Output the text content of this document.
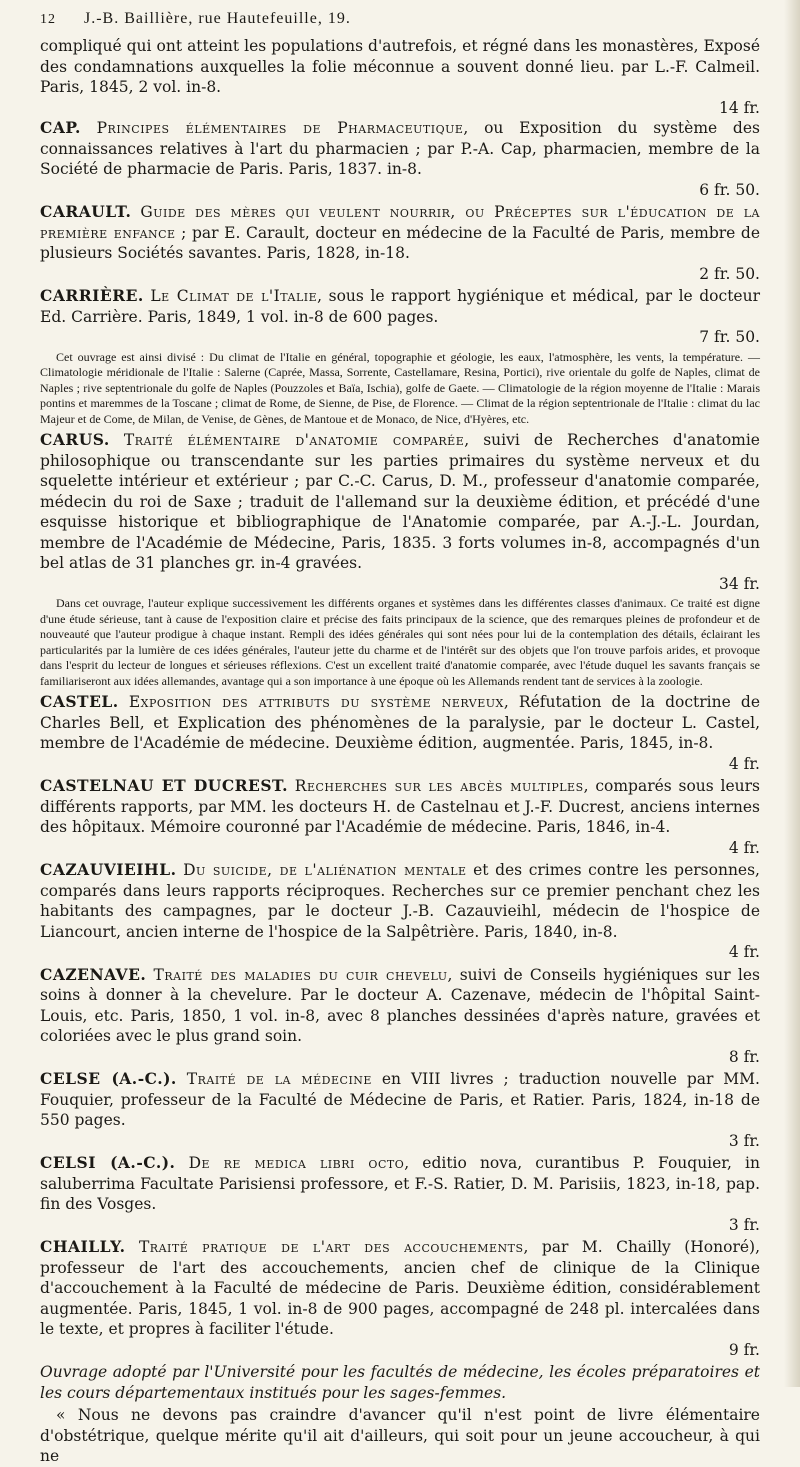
12	J.-B. Baillière, rue Hautefeuille, 19.

compliqué qui ont atteint les populations d'autrefois, et régné dans les monastères, Exposé des condamnations auxquelles la folie méconnue a souvent donné lieu. par L.-F. Calmeil. Paris, 1845, 2 vol. in-8.
14 fr.

CAP. Principes élémentaires de Pharmaceutique, ou Exposition du système des connaissances relatives à l'art du pharmacien ; par P.-A. Cap, pharmacien, membre de la Société de pharmacie de Paris. Paris, 1837. in-8.
6 fr. 50.

CARAULT. Guide des mères qui veulent nourrir, ou Préceptes sur l'éducation de la première enfance ; par E. Carault, docteur en médecine de la Faculté de Paris, membre de plusieurs Sociétés savantes. Paris, 1828, in-18.
2 fr. 50.

CARRIÈRE. Le Climat de l'Italie, sous le rapport hygiénique et médical, par le docteur Ed. Carrière. Paris, 1849, 1 vol. in-8 de 600 pages.
7 fr. 50.

Cet ouvrage est ainsi divisé : Du climat de l'Italie en général, topographie et géologie, les eaux, l'atmosphère, les vents, la température. — Climatologie méridionale de l'Italie : Salerne (Caprée, Massa, Sorrente, Castellamare, Resina, Portici), rive orientale du golfe de Naples, climat de Naples ; rive septentrionale du golfe de Naples (Pouzzoles et Baïa, Ischia), golfe de Gaete. — Climatologie de la région moyenne de l'Italie : Marais pontins et maremmes de la Toscane ; climat de Rome, de Sienne, de Pise, de Florence. — Climat de la région septentrionale de l'Italie : climat du lac Majeur et de Come, de Milan, de Venise, de Gènes, de Mantoue et de Monaco, de Nice, d'Hyères, etc.

CARUS. Traité élémentaire d'anatomie comparée, suivi de Recherches d'anatomie philosophique ou transcendante sur les parties primaires du système nerveux et du squelette intérieur et extérieur ; par C.-C. Carus, D. M., professeur d'anatomie comparée, médecin du roi de Saxe ; traduit de l'allemand sur la deuxième édition, et précédé d'une esquisse historique et bibliographique de l'Anatomie comparée, par A.-J.-L. Jourdan, membre de l'Académie de Médecine, Paris, 1835. 3 forts volumes in-8, accompagnés d'un bel atlas de 31 planches gr. in-4 gravées.
34 fr.

Dans cet ouvrage, l'auteur explique successivement les différents organes et systèmes dans les différentes classes d'animaux. Ce traité est digne d'une étude sérieuse, tant à cause de l'exposition claire et précise des faits principaux de la science, que des remarques pleines de profondeur et de nouveauté que l'auteur prodigue à chaque instant. Rempli des idées générales qui sont nées pour lui de la contemplation des détails, éclairant les particularités par la lumière de ces idées générales, l'auteur jette du charme et de l'intérêt sur des objets que l'on trouve parfois arides, et provoque dans l'esprit du lecteur de longues et sérieuses réflexions. C'est un excellent traité d'anatomie comparée, avec l'étude duquel les savants français se familiariseront aux idées allemandes, avantage qui a son importance à une époque où les Allemands rendent tant de services à la zoologie.

CASTEL. Exposition des attributs du système nerveux, Réfutation de la doctrine de Charles Bell, et Explication des phénomènes de la paralysie, par le docteur L. Castel, membre de l'Académie de médecine. Deuxième édition, augmentée. Paris, 1845, in-8.
4 fr.

CASTELNAU ET DUCREST. Recherches sur les abcès multiples, comparés sous leurs différents rapports, par MM. les docteurs H. de Castelnau et J.-F. Ducrest, anciens internes des hôpitaux. Mémoire couronné par l'Académie de médecine. Paris, 1846, in-4.
4 fr.

CAZAUVIEIHL. Du suicide, de l'aliénation mentale et des crimes contre les personnes, comparés dans leurs rapports réciproques. Recherches sur ce premier penchant chez les habitants des campagnes, par le docteur J.-B. Cazauvieihl, médecin de l'hospice de Liancourt, ancien interne de l'hospice de la Salpêtrière. Paris, 1840, in-8.
4 fr.

CAZENAVE. Traité des maladies du cuir chevelu, suivi de Conseils hygiéniques sur les soins à donner à la chevelure. Par le docteur A. Cazenave, médecin de l'hôpital Saint-Louis, etc. Paris, 1850, 1 vol. in-8, avec 8 planches dessinées d'après nature, gravées et coloriées avec le plus grand soin.
8 fr.

CELSE (A.-C.). Traité de la médecine en VIII livres ; traduction nouvelle par MM. Fouquier, professeur de la Faculté de Médecine de Paris, et Ratier. Paris, 1824, in-18 de 550 pages.
3 fr.

CELSI (A.-C.). De re medica libri octo, editio nova, curantibus P. Fouquier, in saluberrima Facultate Parisiensi professore, et F.-S. Ratier, D. M. Parisiis, 1823, in-18, pap. fin des Vosges.
3 fr.

CHAILLY. Traité pratique de l'art des accouchements, par M. Chailly (Honoré), professeur de l'art des accouchements, ancien chef de clinique de la Clinique d'accouchement à la Faculté de médecine de Paris. Deuxième édition, considérablement augmentée. Paris, 1845, 1 vol. in-8 de 900 pages, accompagné de 248 pl. intercalées dans le texte, et propres à faciliter l'étude.
9 fr.

Ouvrage adopté par l'Université pour les facultés de médecine, les écoles préparatoires et les cours départementaux institués pour les sages-femmes.

« Nous ne devons pas craindre d'avancer qu'il n'est point de livre élémentaire d'obstétrique, quelque mérite qu'il ait d'ailleurs, qui soit pour un jeune accoucheur, à qui ne
